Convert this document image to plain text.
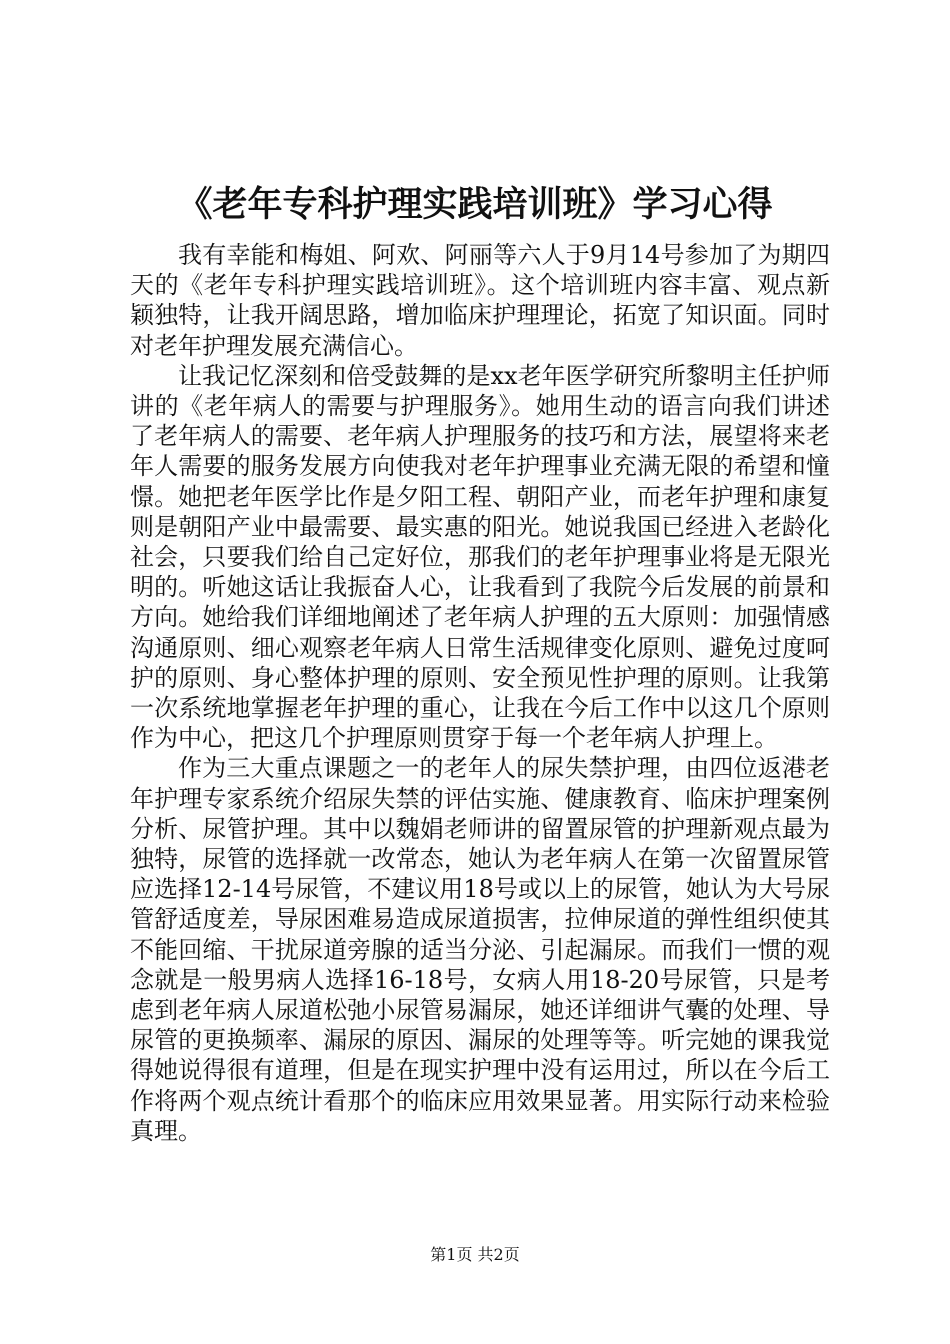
《老年专科护理实践培训班》学习心得

我有幸能和梅姐、阿欢、阿丽等六人于9月14号参加了为期四天的《老年专科护理实践培训班》。这个培训班内容丰富、观点新颖独特，让我开阔思路，增加临床护理理论，拓宽了知识面。同时对老年护理发展充满信心。

让我记忆深刻和倍受鼓舞的是xx老年医学研究所黎明主任护师讲的《老年病人的需要与护理服务》。她用生动的语言向我们讲述了老年病人的需要、老年病人护理服务的技巧和方法，展望将来老年人需要的服务发展方向使我对老年护理事业充满无限的希望和憧憬。她把老年医学比作是夕阳工程、朝阳产业，而老年护理和康复则是朝阳产业中最需要、最实惠的阳光。她说我国已经进入老龄化社会，只要我们给自己定好位，那我们的老年护理事业将是无限光明的。听她这话让我振奋人心，让我看到了我院今后发展的前景和方向。她给我们详细地阐述了老年病人护理的五大原则：加强情感沟通原则、细心观察老年病人日常生活规律变化原则、避免过度呵护的原则、身心整体护理的原则、安全预见性护理的原则。让我第一次系统地掌握老年护理的重心，让我在今后工作中以这几个原则作为中心，把这几个护理原则贯穿于每一个老年病人护理上。

作为三大重点课题之一的老年人的尿失禁护理，由四位返港老年护理专家系统介绍尿失禁的评估实施、健康教育、临床护理案例分析、尿管护理。其中以魏娟老师讲的留置尿管的护理新观点最为独特，尿管的选择就一改常态，她认为老年病人在第一次留置尿管应选择12-14号尿管，不建议用18号或以上的尿管，她认为大号尿管舒适度差，导尿困难易造成尿道损害，拉伸尿道的弹性组织使其不能回缩、干扰尿道旁腺的适当分泌、引起漏尿。而我们一惯的观念就是一般男病人选择16-18号，女病人用18-20号尿管，只是考虑到老年病人尿道松弛小尿管易漏尿，她还详细讲气囊的处理、导尿管的更换频率、漏尿的原因、漏尿的处理等等。听完她的课我觉得她说得很有道理，但是在现实护理中没有运用过，所以在今后工作将两个观点统计看那个的临床应用效果显著。用实际行动来检验真理。

第1页 共2页
